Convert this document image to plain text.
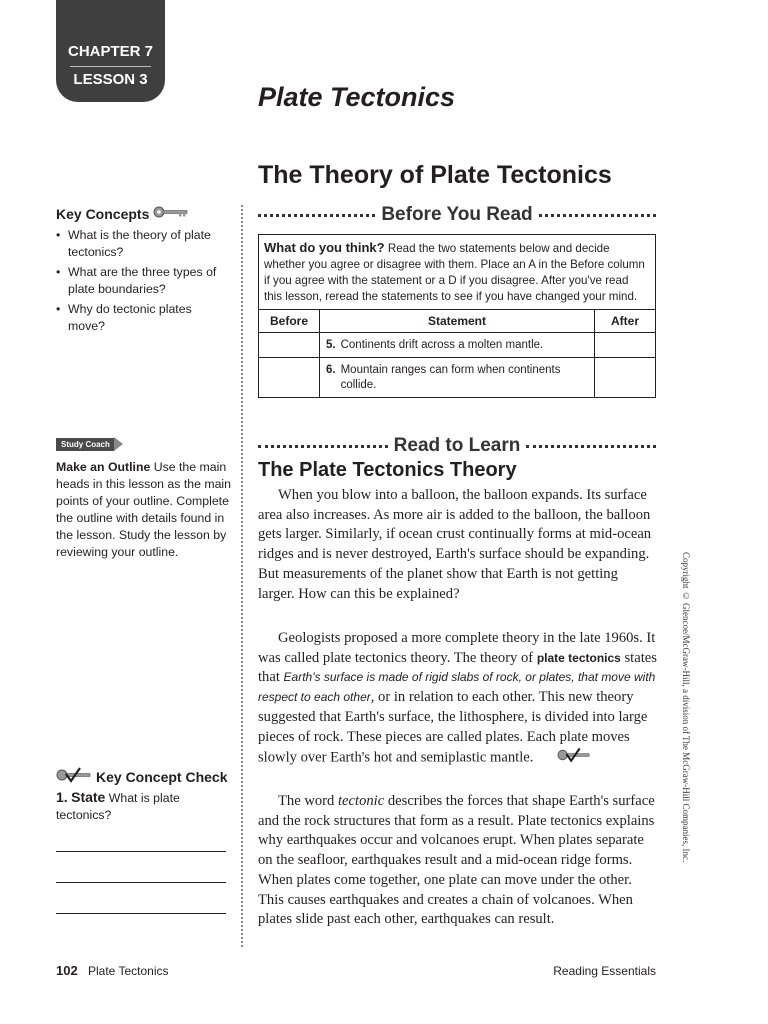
CHAPTER 7
LESSON 3
Plate Tectonics
The Theory of Plate Tectonics
Key Concepts
• What is the theory of plate tectonics?
• What are the three types of plate boundaries?
• Why do tectonic plates move?
Study Coach
Make an Outline Use the main heads in this lesson as the main points of your outline. Complete the outline with details found in the lesson. Study the lesson by reviewing your outline.
Key Concept Check
1. State What is plate tectonics?
Before You Read
What do you think? Read the two statements below and decide whether you agree or disagree with them. Place an A in the Before column if you agree with the statement or a D if you disagree. After you've read this lesson, reread the statements to see if you have changed your mind.
Before	Statement	After
	5. Continents drift across a molten mantle.	

	6. Mountain ranges can form when continents collide.	

Read to Learn
The Plate Tectonics Theory

When you blow into a balloon, the balloon expands. Its surface area also increases. As more air is added to the balloon, the balloon gets larger. Similarly, if ocean crust continually forms at mid-ocean ridges and is never destroyed, Earth's surface should be expanding. But measurements of the planet show that Earth is not getting larger. How can this be explained?

Geologists proposed a more complete theory in the late 1960s. It was called plate tectonics theory. The theory of plate tectonics states that Earth's surface is made of rigid slabs of rock, or plates, that move with respect to each other, or in relation to each other. This new theory suggested that Earth's surface, the lithosphere, is divided into large pieces of rock. These pieces are called plates. Each plate moves slowly over Earth's hot and semiplastic mantle.

The word tectonic describes the forces that shape Earth's surface and the rock structures that form as a result. Plate tectonics explains why earthquakes occur and volcanoes erupt. When plates separate on the seafloor, earthquakes result and a mid-ocean ridge forms. When plates come together, one plate can move under the other. This causes earthquakes and creates a chain of volcanoes. When plates slide past each other, earthquakes can result.

Copyright © Glencoe/McGraw-Hill, a division of The McGraw-Hill Companies, Inc.
102 Plate Tectonics	Reading Essentials
